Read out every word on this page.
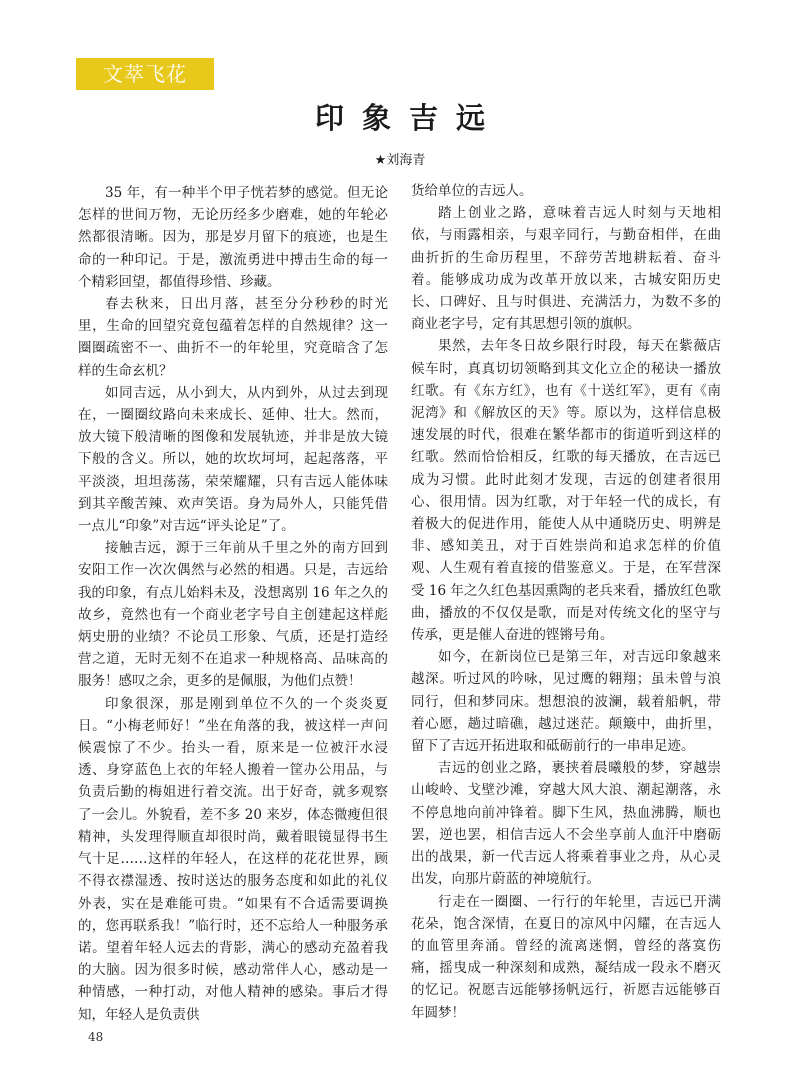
文萃飞花
印象吉远
★刘海青

35 年，有一种半个甲子恍若梦的感觉。但无论怎样的世间万物，无论历经多少磨难，她的年轮必然都很清晰。因为，那是岁月留下的痕迹，也是生命的一种印记。于是，激流勇进中搏击生命的每一个精彩回望，都值得珍惜、珍藏。

春去秋来，日出月落，甚至分分秒秒的时光里，生命的回望究竟包蕴着怎样的自然规律？这一圈圈疏密不一、曲折不一的年轮里，究竟暗含了怎样的生命玄机？

如同吉远，从小到大，从内到外，从过去到现在，一圈圈纹路向未来成长、延伸、壮大。然而，放大镜下般清晰的图像和发展轨迹，并非是放大镜下般的含义。所以，她的坎坎坷坷，起起落落，平平淡淡，坦坦荡荡，荣荣耀耀，只有吉远人能体味到其辛酸苦辣、欢声笑语。身为局外人，只能凭借一点儿“印象”对吉远“评头论足”了。

接触吉远，源于三年前从千里之外的南方回到安阳工作一次次偶然与必然的相遇。只是，吉远给我的印象，有点儿始料未及，没想离别 16 年之久的故乡，竟然也有一个商业老字号自主创建起这样彪炳史册的业绩？不论员工形象、气质，还是打造经营之道，无时无刻不在追求一种规格高、品味高的服务！感叹之余，更多的是佩服，为他们点赞！

印象很深，那是刚到单位不久的一个炎炎夏日。“小梅老师好！”坐在角落的我，被这样一声问候震惊了不少。抬头一看，原来是一位被汗水浸透、身穿蓝色上衣的年轻人搬着一筐办公用品，与负责后勤的梅姐进行着交流。出于好奇，就多观察了一会儿。外貌看，差不多 20 来岁，体态微瘦但很精神，头发理得顺直却很时尚，戴着眼镜显得书生气十足……这样的年轻人，在这样的花花世界，顾不得衣襟湿透、按时送达的服务态度和如此的礼仪外表，实在是难能可贵。“如果有不合适需要调换的，您再联系我！”临行时，还不忘给人一种服务承诺。望着年轻人远去的背影，满心的感动充盈着我的大脑。因为很多时候，感动常伴人心，感动是一种情感，一种打动，对他人精神的感染。事后才得知，年轻人是负责供

货给单位的吉远人。

踏上创业之路，意味着吉远人时刻与天地相依，与雨露相亲，与艰辛同行，与勤奋相伴，在曲曲折折的生命历程里，不辞劳苦地耕耘着、奋斗着。能够成功成为改革开放以来，古城安阳历史长、口碑好、且与时俱进、充满活力，为数不多的商业老字号，定有其思想引领的旗帜。

果然，去年冬日故乡限行时段，每天在紫薇店候车时，真真切切领略到其文化立企的秘诀一播放红歌。有《东方红》，也有《十送红军》，更有《南泥湾》和《解放区的天》等。原以为，这样信息极速发展的时代，很难在繁华都市的街道听到这样的红歌。然而恰恰相反，红歌的每天播放，在吉远已成为习惯。此时此刻才发现，吉远的创建者很用心、很用情。因为红歌，对于年轻一代的成长，有着极大的促进作用，能使人从中通晓历史、明辨是非、感知美丑，对于百姓崇尚和追求怎样的价值观、人生观有着直接的借鉴意义。于是，在军营深受 16 年之久红色基因熏陶的老兵来看，播放红色歌曲，播放的不仅仅是歌，而是对传统文化的坚守与传承，更是催人奋进的铿锵号角。

如今，在新岗位已是第三年，对吉远印象越来越深。听过风的吟咏，见过鹰的翱翔；虽未曾与浪同行，但和梦同床。想想浪的波澜，载着船帆，带着心愿，趟过暗礁，越过迷茫。颠簸中，曲折里，留下了吉远开拓进取和砥砺前行的一串串足迹。

吉远的创业之路，裹挟着晨曦般的梦，穿越崇山峻岭、戈壁沙滩，穿越大风大浪、潮起潮落，永不停息地向前冲锋着。脚下生风，热血沸腾，顺也罢，逆也罢，相信吉远人不会坐享前人血汗中磨砺出的战果，新一代吉远人将乘着事业之舟，从心灵出发，向那片蔚蓝的神境航行。

行走在一圈圈、一行行的年轮里，吉远已开满花朵，饱含深情，在夏日的凉风中闪耀，在吉远人的血管里奔涌。曾经的流离迷惘，曾经的落寞伤痛，摇曳成一种深刻和成熟，凝结成一段永不磨灭的忆记。祝愿吉远能够扬帆远行，祈愿吉远能够百年圆梦！

48
